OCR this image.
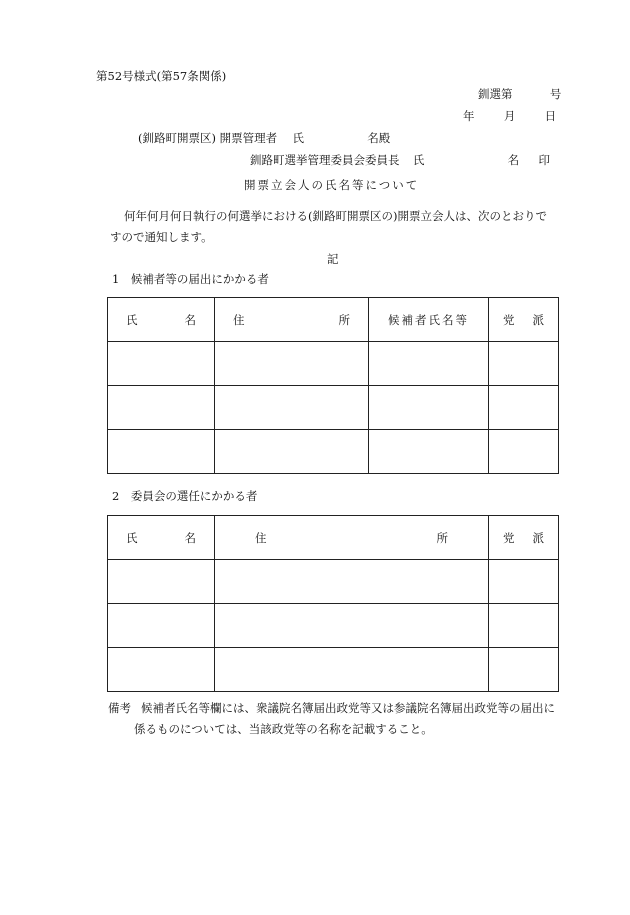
第52号様式(第57条関係)
釧選第	号
年	月	日
(釧路町開票区) 開票管理者 氏	名殿
釧路町選挙管理委員会委員長 氏	名 印
開票立会人の氏名等について
何年何月何日執行の何選挙における(釧路町開票区の)開票立会人は、次のとおりで
すので通知します。
記
1　候補者等の届出にかかる者
氏 名	住 所	候補者氏名等	党 派

2　委員会の選任にかかる者
氏 名	住 所	党 派

備考 候補者氏名等欄には、衆議院名簿届出政党等又は参議院名簿届出政党等の届出に
係るものについては、当該政党等の名称を記載すること。
